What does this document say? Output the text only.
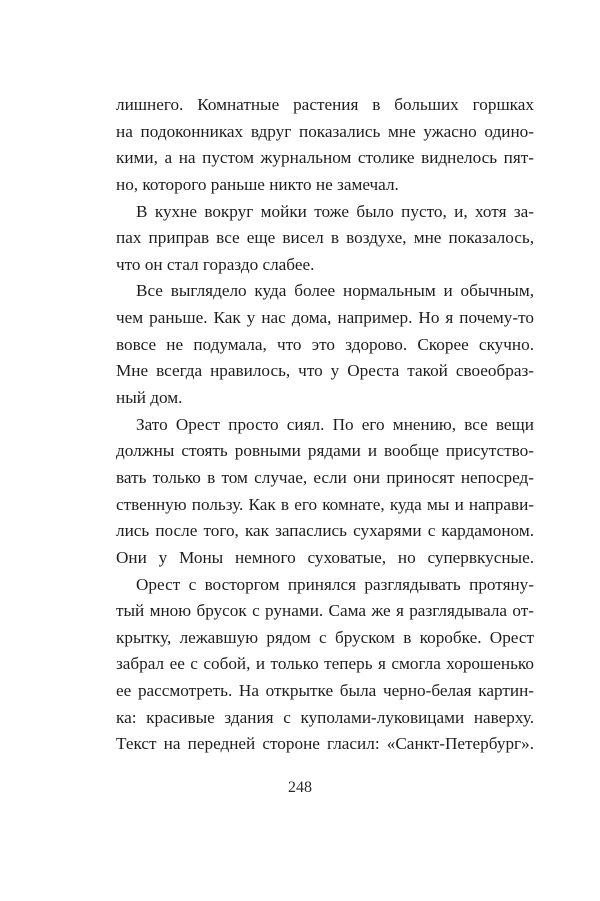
лишнего. Комнатные растения в больших горшках
на подоконниках вдруг показались мне ужасно одино-
кими, а на пустом журнальном столике виднелось пят-
но, которого раньше никто не замечал.
В кухне вокруг мойки тоже было пусто, и, хотя за-
пах приправ все еще висел в воздухе, мне показалось,
что он стал гораздо слабее.
Все выглядело куда более нормальным и обычным,
чем раньше. Как у нас дома, например. Но я почему-то
вовсе не подумала, что это здорово. Скорее скучно.
Мне всегда нравилось, что у Ореста такой своеобраз-
ный дом.
Зато Орест просто сиял. По его мнению, все вещи
должны стоять ровными рядами и вообще присутство-
вать только в том случае, если они приносят непосред-
ственную пользу. Как в его комнате, куда мы и направи-
лись после того, как запаслись сухарями с кардамоном.
Они у Моны немного суховатые, но супервкусные.
Орест с восторгом принялся разглядывать протяну-
тый мною брусок с рунами. Сама же я разглядывала от-
крытку, лежавшую рядом с бруском в коробке. Орест
забрал ее с собой, и только теперь я смогла хорошенько
ее рассмотреть. На открытке была черно-белая картин-
ка: красивые здания с куполами-луковицами наверху.
Текст на передней стороне гласил: «Санкт-Петербург».
248
